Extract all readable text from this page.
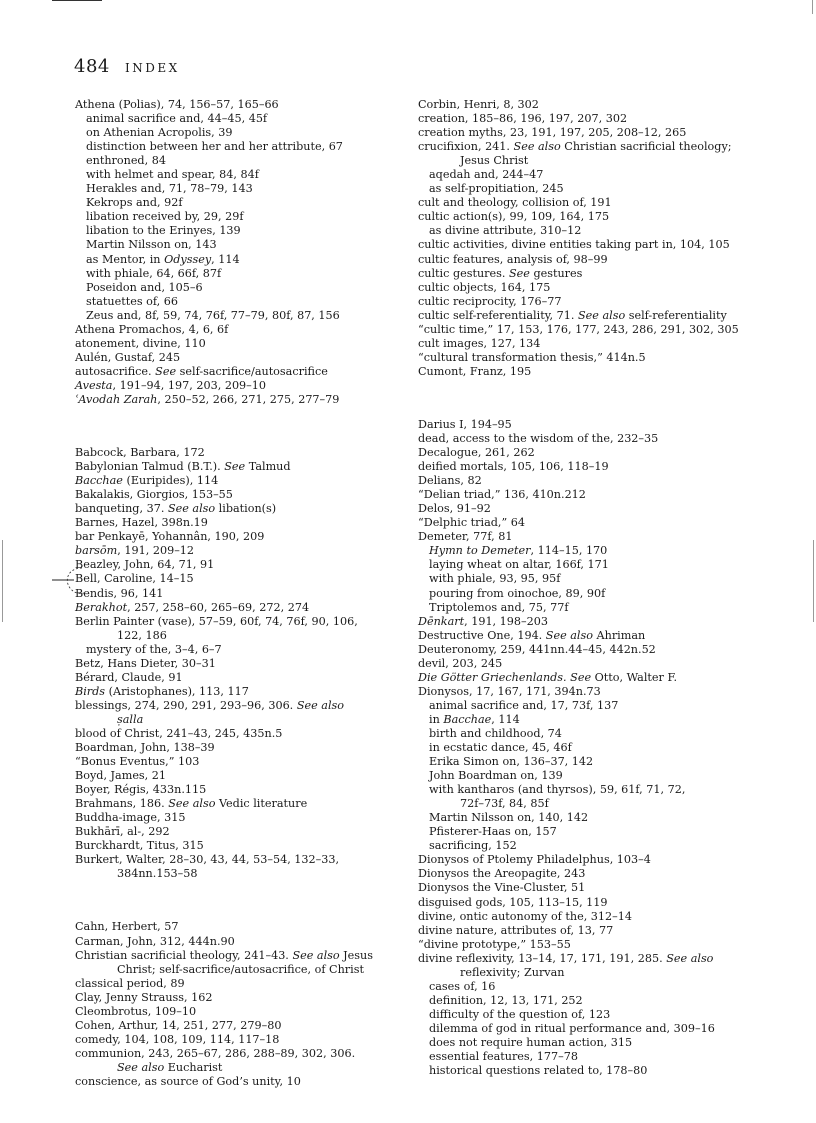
484 INDEX
Athena (Polias), 74, 156–57, 165–66
animal sacrifice and, 44–45, 45f
on Athenian Acropolis, 39
distinction between her and her attribute, 67
enthroned, 84
with helmet and spear, 84, 84f
Herakles and, 71, 78–79, 143
Kekrops and, 92f
libation received by, 29, 29f
libation to the Erinyes, 139
Martin Nilsson on, 143
as Mentor, in Odyssey, 114
with phiale, 64, 66f, 87f
Poseidon and, 105–6
statuettes of, 66
Zeus and, 8f, 59, 74, 76f, 77–79, 80f, 87, 156
Athena Promachos, 4, 6, 6f
atonement, divine, 110
Aulén, Gustaf, 245
autosacrifice. See self-sacrifice/autosacrifice
Avesta, 191–94, 197, 203, 209–10
ʿAvodah Zarah, 250–52, 266, 271, 275, 277–79
Babcock, Barbara, 172
Babylonian Talmud (B.T.). See Talmud
Bacchae (Euripides), 114
Bakalakis, Giorgios, 153–55
banqueting, 37. See also libation(s)
Barnes, Hazel, 398n.19
bar Penkayē, Yohannân, 190, 209
barsōm, 191, 209–12
Beazley, John, 64, 71, 91
Bell, Caroline, 14–15
Bendis, 96, 141
Berakhot, 257, 258–60, 265–69, 272, 274
Berlin Painter (vase), 57–59, 60f, 74, 76f, 90, 106,
122, 186
mystery of the, 3–4, 6–7
Betz, Hans Dieter, 30–31
Bérard, Claude, 91
Birds (Aristophanes), 113, 117
blessings, 274, 290, 291, 293–96, 306. See also
ṣalla
blood of Christ, 241–43, 245, 435n.5
Boardman, John, 138–39
“Bonus Eventus,” 103
Boyd, James, 21
Boyer, Régis, 433n.115
Brahmans, 186. See also Vedic literature
Buddha-image, 315
Bukhārī, al-, 292
Burckhardt, Titus, 315
Burkert, Walter, 28–30, 43, 44, 53–54, 132–33,
384nn.153–58
Cahn, Herbert, 57
Carman, John, 312, 444n.90
Christian sacrificial theology, 241–43. See also Jesus
Christ; self-sacrifice/autosacrifice, of Christ
classical period, 89
Clay, Jenny Strauss, 162
Cleombrotus, 109–10
Cohen, Arthur, 14, 251, 277, 279–80
comedy, 104, 108, 109, 114, 117–18
communion, 243, 265–67, 286, 288–89, 302, 306.
See also Eucharist
conscience, as source of God’s unity, 10
Corbin, Henri, 8, 302
creation, 185–86, 196, 197, 207, 302
creation myths, 23, 191, 197, 205, 208–12, 265
crucifixion, 241. See also Christian sacrificial theology;
Jesus Christ
aqedah and, 244–47
as self-propitiation, 245
cult and theology, collision of, 191
cultic action(s), 99, 109, 164, 175
as divine attribute, 310–12
cultic activities, divine entities taking part in, 104, 105
cultic features, analysis of, 98–99
cultic gestures. See gestures
cultic objects, 164, 175
cultic reciprocity, 176–77
cultic self-referentiality, 71. See also self-referentiality
“cultic time,” 17, 153, 176, 177, 243, 286, 291, 302, 305
cult images, 127, 134
“cultural transformation thesis,” 414n.5
Cumont, Franz, 195
Darius I, 194–95
dead, access to the wisdom of the, 232–35
Decalogue, 261, 262
deified mortals, 105, 106, 118–19
Delians, 82
“Delian triad,” 136, 410n.212
Delos, 91–92
“Delphic triad,” 64
Demeter, 77f, 81
Hymn to Demeter, 114–15, 170
laying wheat on altar, 166f, 171
with phiale, 93, 95, 95f
pouring from oinochoe, 89, 90f
Triptolemos and, 75, 77f
Dēnkart, 191, 198–203
Destructive One, 194. See also Ahriman
Deuteronomy, 259, 441nn.44–45, 442n.52
devil, 203, 245
Die Götter Griechenlands. See Otto, Walter F.
Dionysos, 17, 167, 171, 394n.73
animal sacrifice and, 17, 73f, 137
in Bacchae, 114
birth and childhood, 74
in ecstatic dance, 45, 46f
Erika Simon on, 136–37, 142
John Boardman on, 139
with kantharos (and thyrsos), 59, 61f, 71, 72,
72f–73f, 84, 85f
Martin Nilsson on, 140, 142
Pfisterer-Haas on, 157
sacrificing, 152
Dionysos of Ptolemy Philadelphus, 103–4
Dionysos the Areopagite, 243
Dionysos the Vine-Cluster, 51
disguised gods, 105, 113–15, 119
divine, ontic autonomy of the, 312–14
divine nature, attributes of, 13, 77
“divine prototype,” 153–55
divine reflexivity, 13–14, 17, 171, 191, 285. See also
reflexivity; Zurvan
cases of, 16
definition, 12, 13, 171, 252
difficulty of the question of, 123
dilemma of god in ritual performance and, 309–16
does not require human action, 315
essential features, 177–78
historical questions related to, 178–80
